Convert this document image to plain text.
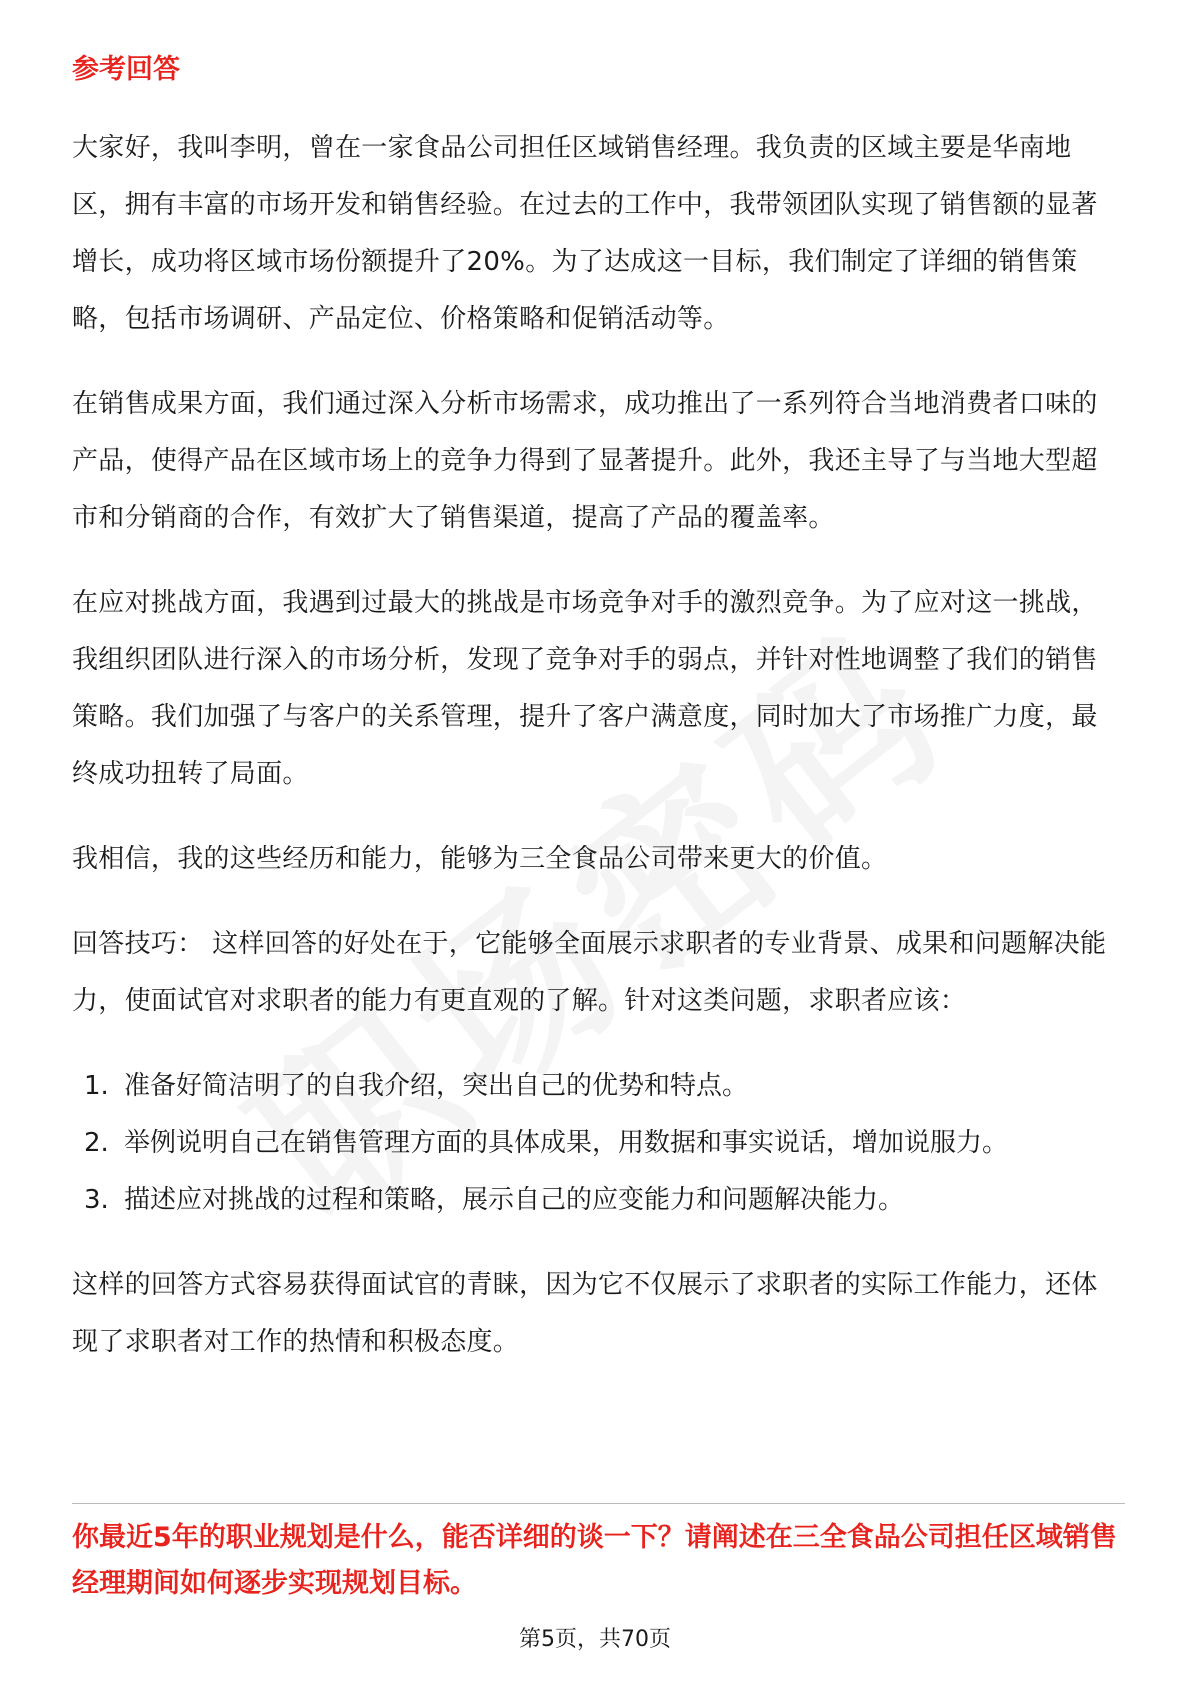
参考回答

大家好，我叫李明，曾在一家食品公司担任区域销售经理。我负责的区域主要是华南地区，拥有丰富的市场开发和销售经验。在过去的工作中，我带领团队实现了销售额的显著增长，成功将区域市场份额提升了20%。为了达成这一目标，我们制定了详细的销售策略，包括市场调研、产品定位、价格策略和促销活动等。

在销售成果方面，我们通过深入分析市场需求，成功推出了一系列符合当地消费者口味的产品，使得产品在区域市场上的竞争力得到了显著提升。此外，我还主导了与当地大型超市和分销商的合作，有效扩大了销售渠道，提高了产品的覆盖率。

在应对挑战方面，我遇到过最大的挑战是市场竞争对手的激烈竞争。为了应对这一挑战，我组织团队进行深入的市场分析，发现了竞争对手的弱点，并针对性地调整了我们的销售策略。我们加强了与客户的关系管理，提升了客户满意度，同时加大了市场推广力度，最终成功扭转了局面。

我相信，我的这些经历和能力，能够为三全食品公司带来更大的价值。

回答技巧： 这样回答的好处在于，它能够全面展示求职者的专业背景、成果和问题解决能力，使面试官对求职者的能力有更直观的了解。针对这类问题，求职者应该：

1. 准备好简洁明了的自我介绍，突出自己的优势和特点。
2. 举例说明自己在销售管理方面的具体成果，用数据和事实说话，增加说服力。
3. 描述应对挑战的过程和策略，展示自己的应变能力和问题解决能力。

这样的回答方式容易获得面试官的青睐，因为它不仅展示了求职者的实际工作能力，还体现了求职者对工作的热情和积极态度。

你最近5年的职业规划是什么，能否详细的谈一下？请阐述在三全食品公司担任区域销售经理期间如何逐步实现规划目标。
第5页，共70页
